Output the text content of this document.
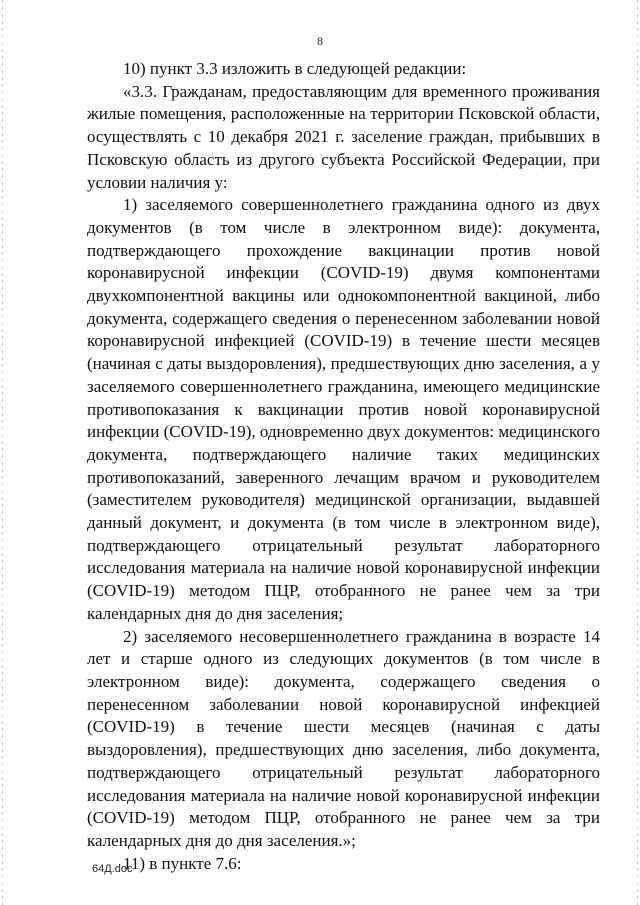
8

10) пункт 3.3 изложить в следующей редакции:

«3.3. Гражданам, предоставляющим для временного проживания жилые помещения, расположенные на территории Псковской области, осуществлять с 10 декабря 2021 г. заселение граждан, прибывших в Псковскую область из другого субъекта Российской Федерации, при условии наличия у:

1) заселяемого совершеннолетнего гражданина одного из двух документов (в том числе в электронном виде): документа, подтверждающего прохождение вакцинации против новой коронавирусной инфекции (COVID-19) двумя компонентами двухкомпонентной вакцины или однокомпонентной вакциной, либо документа, содержащего сведения о перенесенном заболевании новой коронавирусной инфекцией (COVID-19) в течение шести месяцев (начиная с даты выздоровления), предшествующих дню заселения, а у заселяемого совершеннолетнего гражданина, имеющего медицинские противопоказания к вакцинации против новой коронавирусной инфекции (COVID-19), одновременно двух документов: медицинского документа, подтверждающего наличие таких медицинских противопоказаний, заверенного лечащим врачом и руководителем (заместителем руководителя) медицинской организации, выдавшей данный документ, и документа (в том числе в электронном виде), подтверждающего отрицательный результат лабораторного исследования материала на наличие новой коронавирусной инфекции (COVID-19) методом ПЦР, отобранного не ранее чем за три календарных дня до дня заселения;

2) заселяемого несовершеннолетнего гражданина в возрасте 14 лет и старше одного из следующих документов (в том числе в электронном виде): документа, содержащего сведения о перенесенном заболевании новой коронавирусной инфекцией (COVID-19) в течение шести месяцев (начиная с даты выздоровления), предшествующих дню заселения, либо документа, подтверждающего отрицательный результат лабораторного исследования материала на наличие новой коронавирусной инфекции (COVID-19) методом ПЦР, отобранного не ранее чем за три календарных дня до дня заселения.»;

11) в пункте 7.6:

64Д.doc
